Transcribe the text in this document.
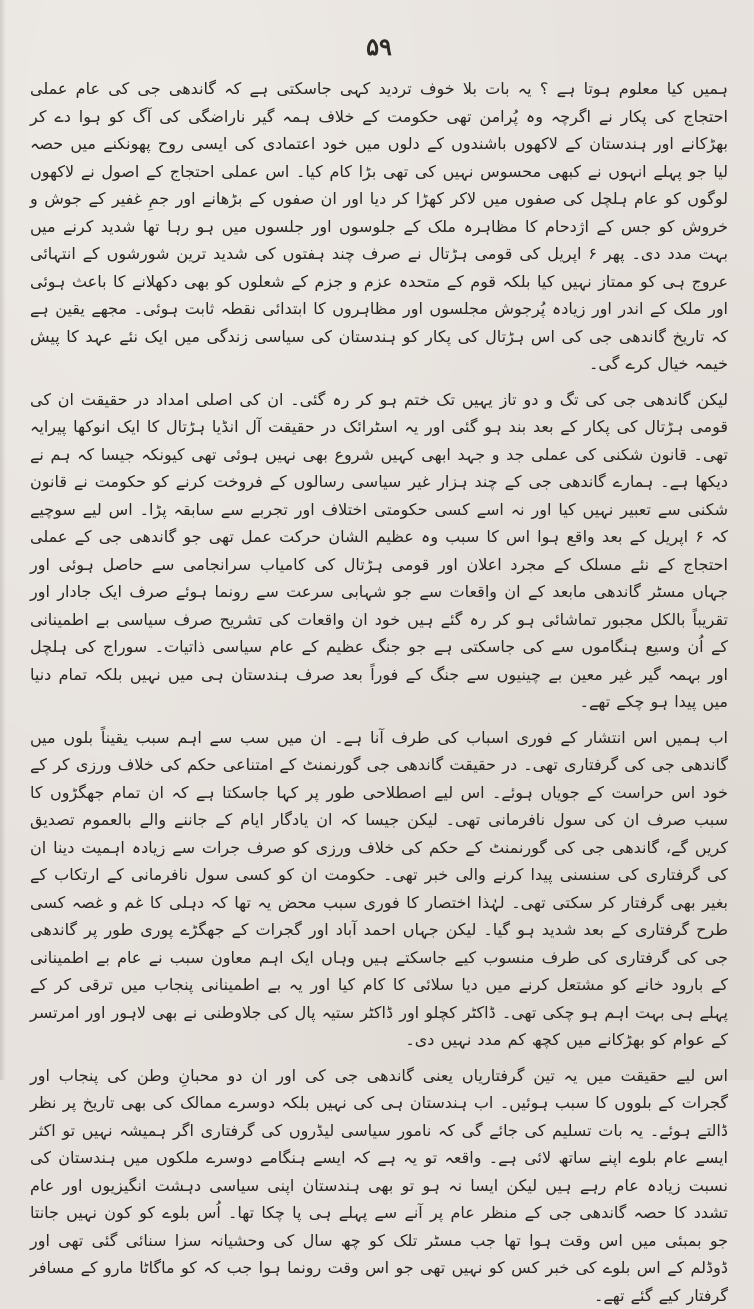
۵۹

ہمیں کیا معلوم ہوتا ہے ؟ یہ بات بلا خوف تردید کہی جاسکتی ہے کہ گاندھی جی کی عام عملی احتجاج کی پکار نے اگرچہ وہ پُرامن تھی حکومت کے خلاف ہمہ گیر ناراضگی کی آگ کو ہوا دے کر بھڑکانے اور ہندستان کے لاکھوں باشندوں کے دلوں میں خود اعتمادی کی ایسی روح پھونکنے میں حصہ لیا جو پہلے انہوں نے کبھی محسوس نہیں کی تھی بڑا کام کیا۔ اس عملی احتجاج کے اصول نے لاکھوں لوگوں کو عام ہلچل کی صفوں میں لاکر کھڑا کر دیا اور ان صفوں کے بڑھانے اور جمِ غفیر کے جوش و خروش کو جس کے اژدحام کا مظاہرہ ملک کے جلوسوں اور جلسوں میں ہو رہا تھا شدید کرنے میں بہت مدد دی۔ پھر ۶ اپریل کی قومی ہڑتال نے صرف چند ہفتوں کی شدید ترین شورشوں کے انتہائی عروج ہی کو ممتاز نہیں کیا بلکہ قوم کے متحدہ عزم و جزم کے شعلوں کو بھی دکھلانے کا باعث ہوئی اور ملک کے اندر اور زیادہ پُرجوش مجلسوں اور مظاہروں کا ابتدائی نقطہ ثابت ہوئی۔ مجھے یقین ہے کہ تاریخ گاندھی جی کی اس ہڑتال کی پکار کو ہندستان کی سیاسی زندگی میں ایک نئے عہد کا پیش خیمہ خیال کرے گی۔

لیکن گاندھی جی کی تگ و دو تاز یہیں تک ختم ہو کر رہ گئی۔ ان کی اصلی امداد در حقیقت ان کی قومی ہڑتال کی پکار کے بعد بند ہو گئی اور یہ اسٹرائک در حقیقت آل انڈیا ہڑتال کا ایک انوکھا پیرایہ تھی۔ قانون شکنی کی عملی جد و جہد ابھی کہیں شروع بھی نہیں ہوئی تھی کیونکہ جیسا کہ ہم نے دیکھا ہے۔ ہمارے گاندھی جی کے چند ہزار غیر سیاسی رسالوں کے فروخت کرنے کو حکومت نے قانون شکنی سے تعبیر نہیں کیا اور نہ اسے کسی حکومتی اختلاف اور تجربے سے سابقہ پڑا۔ اس لیے سوچیے کہ ۶ اپریل کے بعد واقع ہوا اس کا سبب وہ عظیم الشان حرکت عمل تھی جو گاندھی جی کے عملی احتجاج کے نئے مسلک کے مجرد اعلان اور قومی ہڑتال کی کامیاب سرانجامی سے حاصل ہوئی اور جہاں مسٹر گاندھی مابعد کے ان واقعات سے جو شہابی سرعت سے رونما ہوئے صرف ایک جادار اور تقریباً بالکل مجبور تماشائی ہو کر رہ گئے ہیں خود ان واقعات کی تشریح صرف سیاسی بے اطمینانی کے اُن وسیع ہنگاموں سے کی جاسکتی ہے جو جنگ عظیم کے عام سیاسی ذاتیات۔ سوراج کی ہلچل اور بہمہ گیر غیر معین بے چینیوں سے جنگ کے فوراً بعد صرف ہندستان ہی میں نہیں بلکہ تمام دنیا میں پیدا ہو چکے تھے۔

اب ہمیں اس انتشار کے فوری اسباب کی طرف آنا ہے۔ ان میں سب سے اہم سبب یقیناً بلوں میں گاندھی جی کی گرفتاری تھی۔ در حقیقت گاندھی جی گورنمنٹ کے امتناعی حکم کی خلاف ورزی کر کے خود اس حراست کے جویاں ہوئے۔ اس لیے اصطلاحی طور پر کہا جاسکتا ہے کہ ان تمام جھگڑوں کا سبب صرف ان کی سول نافرمانی تھی۔ لیکن جیسا کہ ان یادگار ایام کے جاننے والے بالعموم تصدیق کریں گے، گاندھی جی کی گورنمنٹ کے حکم کی خلاف ورزی کو صرف جرات سے زیادہ اہمیت دینا ان کی گرفتاری کی سنسنی پیدا کرنے والی خبر تھی۔ حکومت ان کو کسی سول نافرمانی کے ارتکاب کے بغیر بھی گرفتار کر سکتی تھی۔ لہٰذا اختصار کا فوری سبب محض یہ تھا کہ دہلی کا غم و غصہ کسی طرح گرفتاری کے بعد شدید ہو گیا۔ لیکن جہاں احمد آباد اور گجرات کے جھگڑے پوری طور پر گاندھی جی کی گرفتاری کی طرف منسوب کیے جاسکتے ہیں وہاں ایک اہم معاون سبب نے عام بے اطمینانی کے بارود خانے کو مشتعل کرنے میں دیا سلائی کا کام کیا اور یہ بے اطمینانی پنجاب میں ترقی کر کے پہلے ہی بہت اہم ہو چکی تھی۔ ڈاکٹر کچلو اور ڈاکٹر ستیہ پال کی جلاوطنی نے بھی لاہور اور امرتسر کے عوام کو بھڑکانے میں کچھ کم مدد نہیں دی۔

اس لیے حقیقت میں یہ تین گرفتاریاں یعنی گاندھی جی کی اور ان دو محبانِ وطن کی پنجاب اور گجرات کے بلووں کا سبب ہوئیں۔ اب ہندستان ہی کی نہیں بلکہ دوسرے ممالک کی بھی تاریخ پر نظر ڈالتے ہوئے۔ یہ بات تسلیم کی جائے گی کہ نامور سیاسی لیڈروں کی گرفتاری اگر ہمیشہ نہیں تو اکثر ایسے عام بلوے اپنے ساتھ لائی ہے۔ واقعہ تو یہ ہے کہ ایسے ہنگامے دوسرے ملکوں میں ہندستان کی نسبت زیادہ عام رہے ہیں لیکن ایسا نہ ہو تو بھی ہندستان اپنی سیاسی دہشت انگیزیوں اور عام تشدد کا حصہ گاندھی جی کے منظر عام پر آنے سے پہلے ہی پا چکا تھا۔ اُس بلوے کو کون نہیں جانتا جو بمبئی میں اس وقت ہوا تھا جب مسٹر تلک کو چھ سال کی وحشیانہ سزا سنائی گئی تھی اور ڈوڈلم کے اس بلوے کی خبر کس کو نہیں تھی جو اس وقت رونما ہوا جب کہ کو ماگاٹا مارو کے مسافر گرفتار کیے گئے تھے۔
